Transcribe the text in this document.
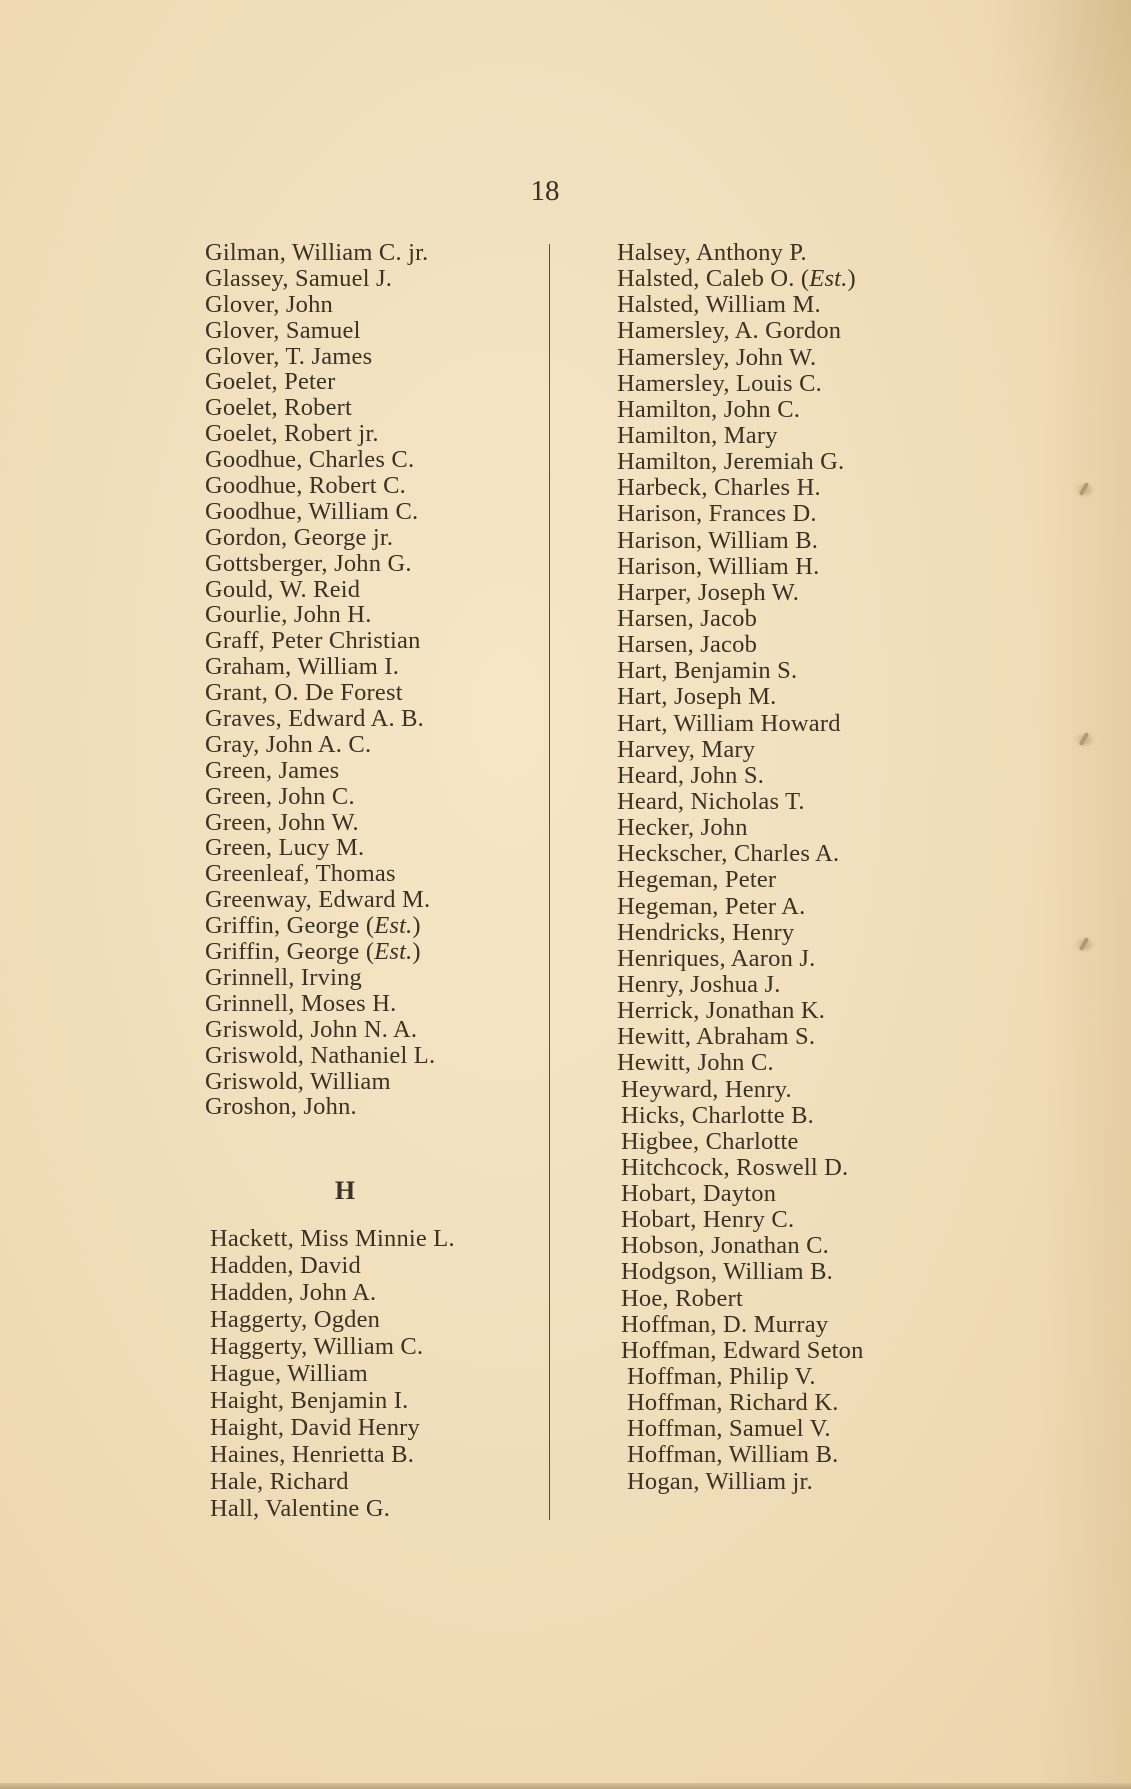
18
Gilman, William C. jr.
Glassey, Samuel J.
Glover, John
Glover, Samuel
Glover, T. James
Goelet, Peter
Goelet, Robert
Goelet, Robert jr.
Goodhue, Charles C.
Goodhue, Robert C.
Goodhue, William C.
Gordon, George jr.
Gottsberger, John G.
Gould, W. Reid
Gourlie, John H.
Graff, Peter Christian
Graham, William I.
Grant, O. De Forest
Graves, Edward A. B.
Gray, John A. C.
Green, James
Green, John C.
Green, John W.
Green, Lucy M.
Greenleaf, Thomas
Greenway, Edward M.
Griffin, George (Est.)
Griffin, George (Est.)
Grinnell, Irving
Grinnell, Moses H.
Griswold, John N. A.
Griswold, Nathaniel L.
Griswold, William
Groshon, John.
H
Hackett, Miss Minnie L.
Hadden, David
Hadden, John A.
Haggerty, Ogden
Haggerty, William C.
Hague, William
Haight, Benjamin I.
Haight, David Henry
Haines, Henrietta B.
Hale, Richard
Hall, Valentine G.
Halsey, Anthony P.
Halsted, Caleb O. (Est.)
Halsted, William M.
Hamersley, A. Gordon
Hamersley, John W.
Hamersley, Louis C.
Hamilton, John C.
Hamilton, Mary
Hamilton, Jeremiah G.
Harbeck, Charles H.
Harison, Frances D.
Harison, William B.
Harison, William H.
Harper, Joseph W.
Harsen, Jacob
Harsen, Jacob
Hart, Benjamin S.
Hart, Joseph M.
Hart, William Howard
Harvey, Mary
Heard, John S.
Heard, Nicholas T.
Hecker, John
Heckscher, Charles A.
Hegeman, Peter
Hegeman, Peter A.
Hendricks, Henry
Henriques, Aaron J.
Henry, Joshua J.
Herrick, Jonathan K.
Hewitt, Abraham S.
Hewitt, John C.
Heyward, Henry.
Hicks, Charlotte B.
Higbee, Charlotte
Hitchcock, Roswell D.
Hobart, Dayton
Hobart, Henry C.
Hobson, Jonathan C.
Hodgson, William B.
Hoe, Robert
Hoffman, D. Murray
Hoffman, Edward Seton
Hoffman, Philip V.
Hoffman, Richard K.
Hoffman, Samuel V.
Hoffman, William B.
Hogan, William jr.
